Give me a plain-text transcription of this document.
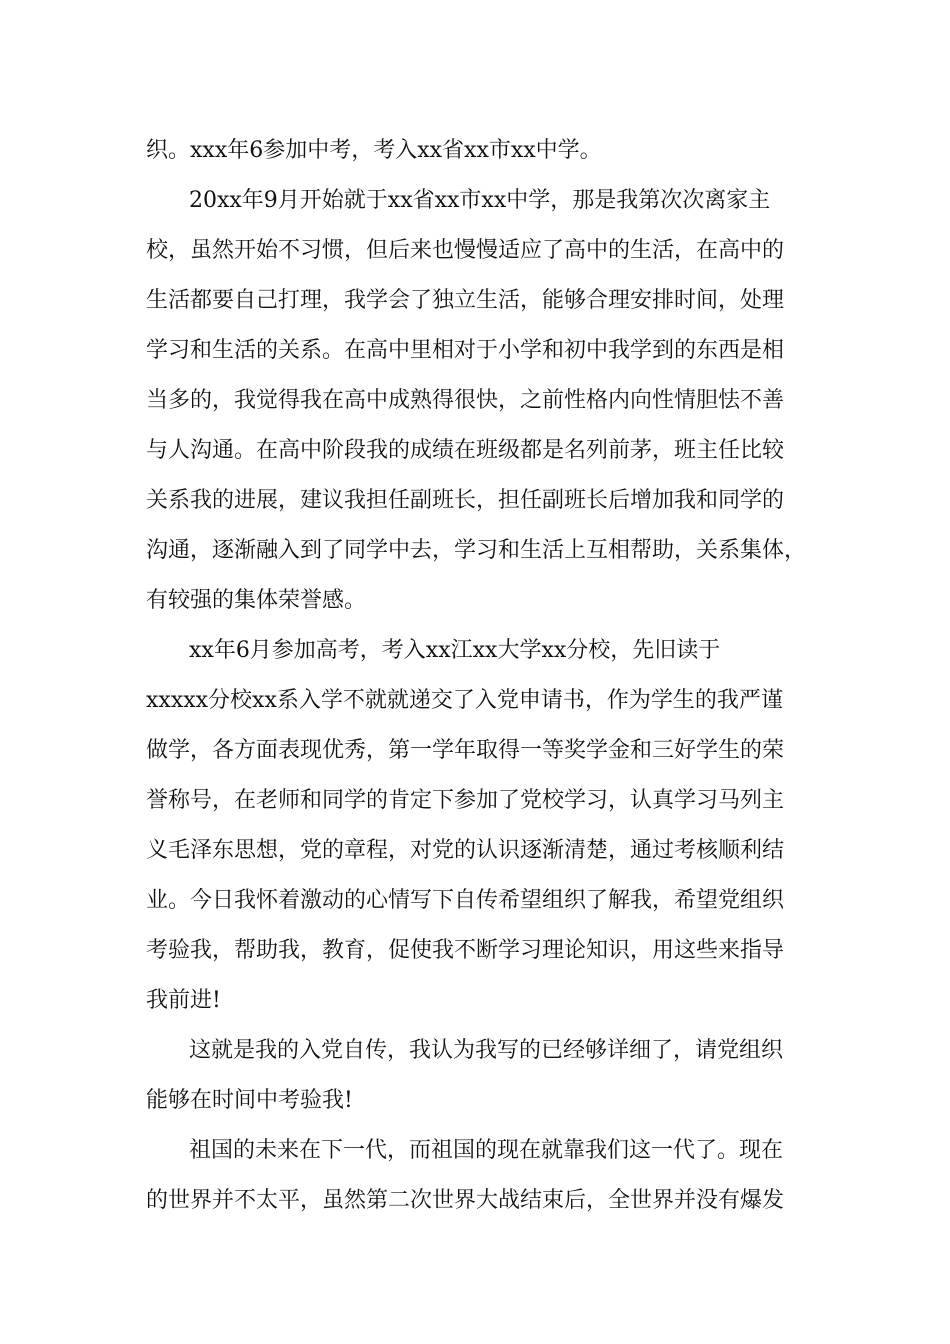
织。xxx年6参加中考，考入xx省xx市xx中学。

20xx年9月开始就于xx省xx市xx中学，那是我第次次离家主

校，虽然开始不习惯，但后来也慢慢适应了高中的生活，在高中的

生活都要自己打理，我学会了独立生活，能够合理安排时间，处理

学习和生活的关系。在高中里相对于小学和初中我学到的东西是相

当多的，我觉得我在高中成熟得很快，之前性格内向性情胆怯不善

与人沟通。在高中阶段我的成绩在班级都是名列前茅，班主任比较

关系我的进展，建议我担任副班长，担任副班长后增加我和同学的

沟通，逐渐融入到了同学中去，学习和生活上互相帮助，关系集体，

有较强的集体荣誉感。

xx年6月参加高考，考入xx江xx大学xx分校，先旧读于

xxxxx分校xx系入学不就就递交了入党申请书，作为学生的我严谨

做学，各方面表现优秀，第一学年取得一等奖学金和三好学生的荣

誉称号，在老师和同学的肯定下参加了党校学习，认真学习马列主

义毛泽东思想，党的章程，对党的认识逐渐清楚，通过考核顺利结

业。今日我怀着激动的心情写下自传希望组织了解我，希望党组织

考验我，帮助我，教育，促使我不断学习理论知识，用这些来指导

我前进!

这就是我的入党自传，我认为我写的已经够详细了，请党组织

能够在时间中考验我!

祖国的未来在下一代，而祖国的现在就靠我们这一代了。现在

的世界并不太平，虽然第二次世界大战结束后，全世界并没有爆发
